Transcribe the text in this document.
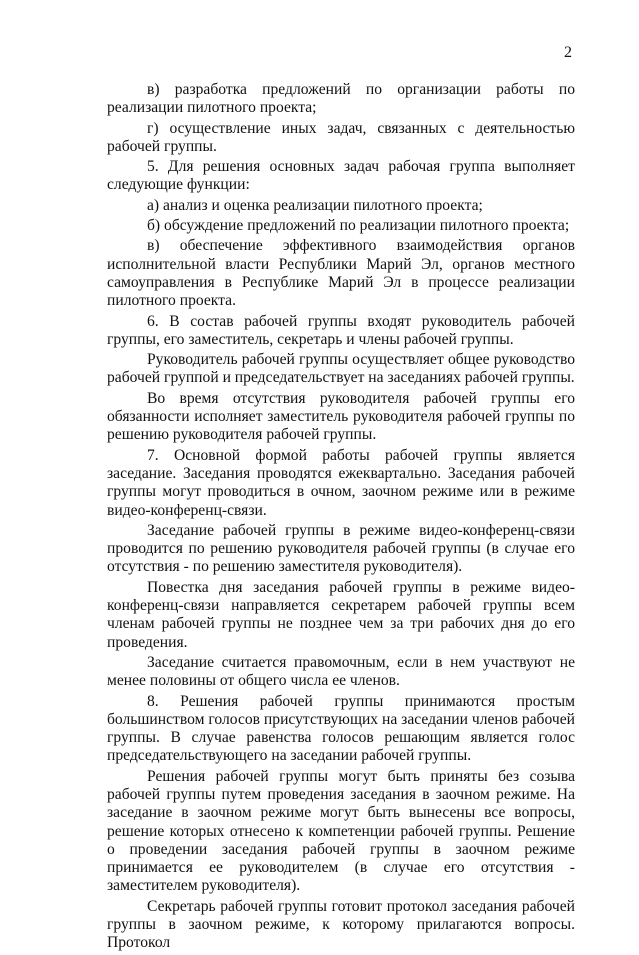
2

в) разработка предложений по организации работы по реализации пилотного проекта;

г) осуществление иных задач, связанных с деятельностью рабочей группы.

5. Для решения основных задач рабочая группа выполняет следующие функции:

а) анализ и оценка реализации пилотного проекта;

б) обсуждение предложений по реализации пилотного проекта;

в) обеспечение эффективного взаимодействия органов исполнительной власти Республики Марий Эл, органов местного самоуправления в Республике Марий Эл в процессе реализации пилотного проекта.

6. В состав рабочей группы входят руководитель рабочей группы, его заместитель, секретарь и члены рабочей группы.

Руководитель рабочей группы осуществляет общее руководство рабочей группой и председательствует на заседаниях рабочей группы.

Во время отсутствия руководителя рабочей группы его обязанности исполняет заместитель руководителя рабочей группы по решению руководителя рабочей группы.

7. Основной формой работы рабочей группы является заседание. Заседания проводятся ежеквартально. Заседания рабочей группы могут проводиться в очном, заочном режиме или в режиме видео-конференц-связи.

Заседание рабочей группы в режиме видео-конференц-связи проводится по решению руководителя рабочей группы (в случае его отсутствия - по решению заместителя руководителя).

Повестка дня заседания рабочей группы в режиме видео-конференц-связи направляется секретарем рабочей группы всем членам рабочей группы не позднее чем за три рабочих дня до его проведения.

Заседание считается правомочным, если в нем участвуют не менее половины от общего числа ее членов.

8. Решения рабочей группы принимаются простым большинством голосов присутствующих на заседании членов рабочей группы. В случае равенства голосов решающим является голос председательствующего на заседании рабочей группы.

Решения рабочей группы могут быть приняты без созыва рабочей группы путем проведения заседания в заочном режиме. На заседание в заочном режиме могут быть вынесены все вопросы, решение которых отнесено к компетенции рабочей группы. Решение о проведении заседания рабочей группы в заочном режиме принимается ее руководителем (в случае его отсутствия - заместителем руководителя).

Секретарь рабочей группы готовит протокол заседания рабочей группы в заочном режиме, к которому прилагаются вопросы. Протокол
